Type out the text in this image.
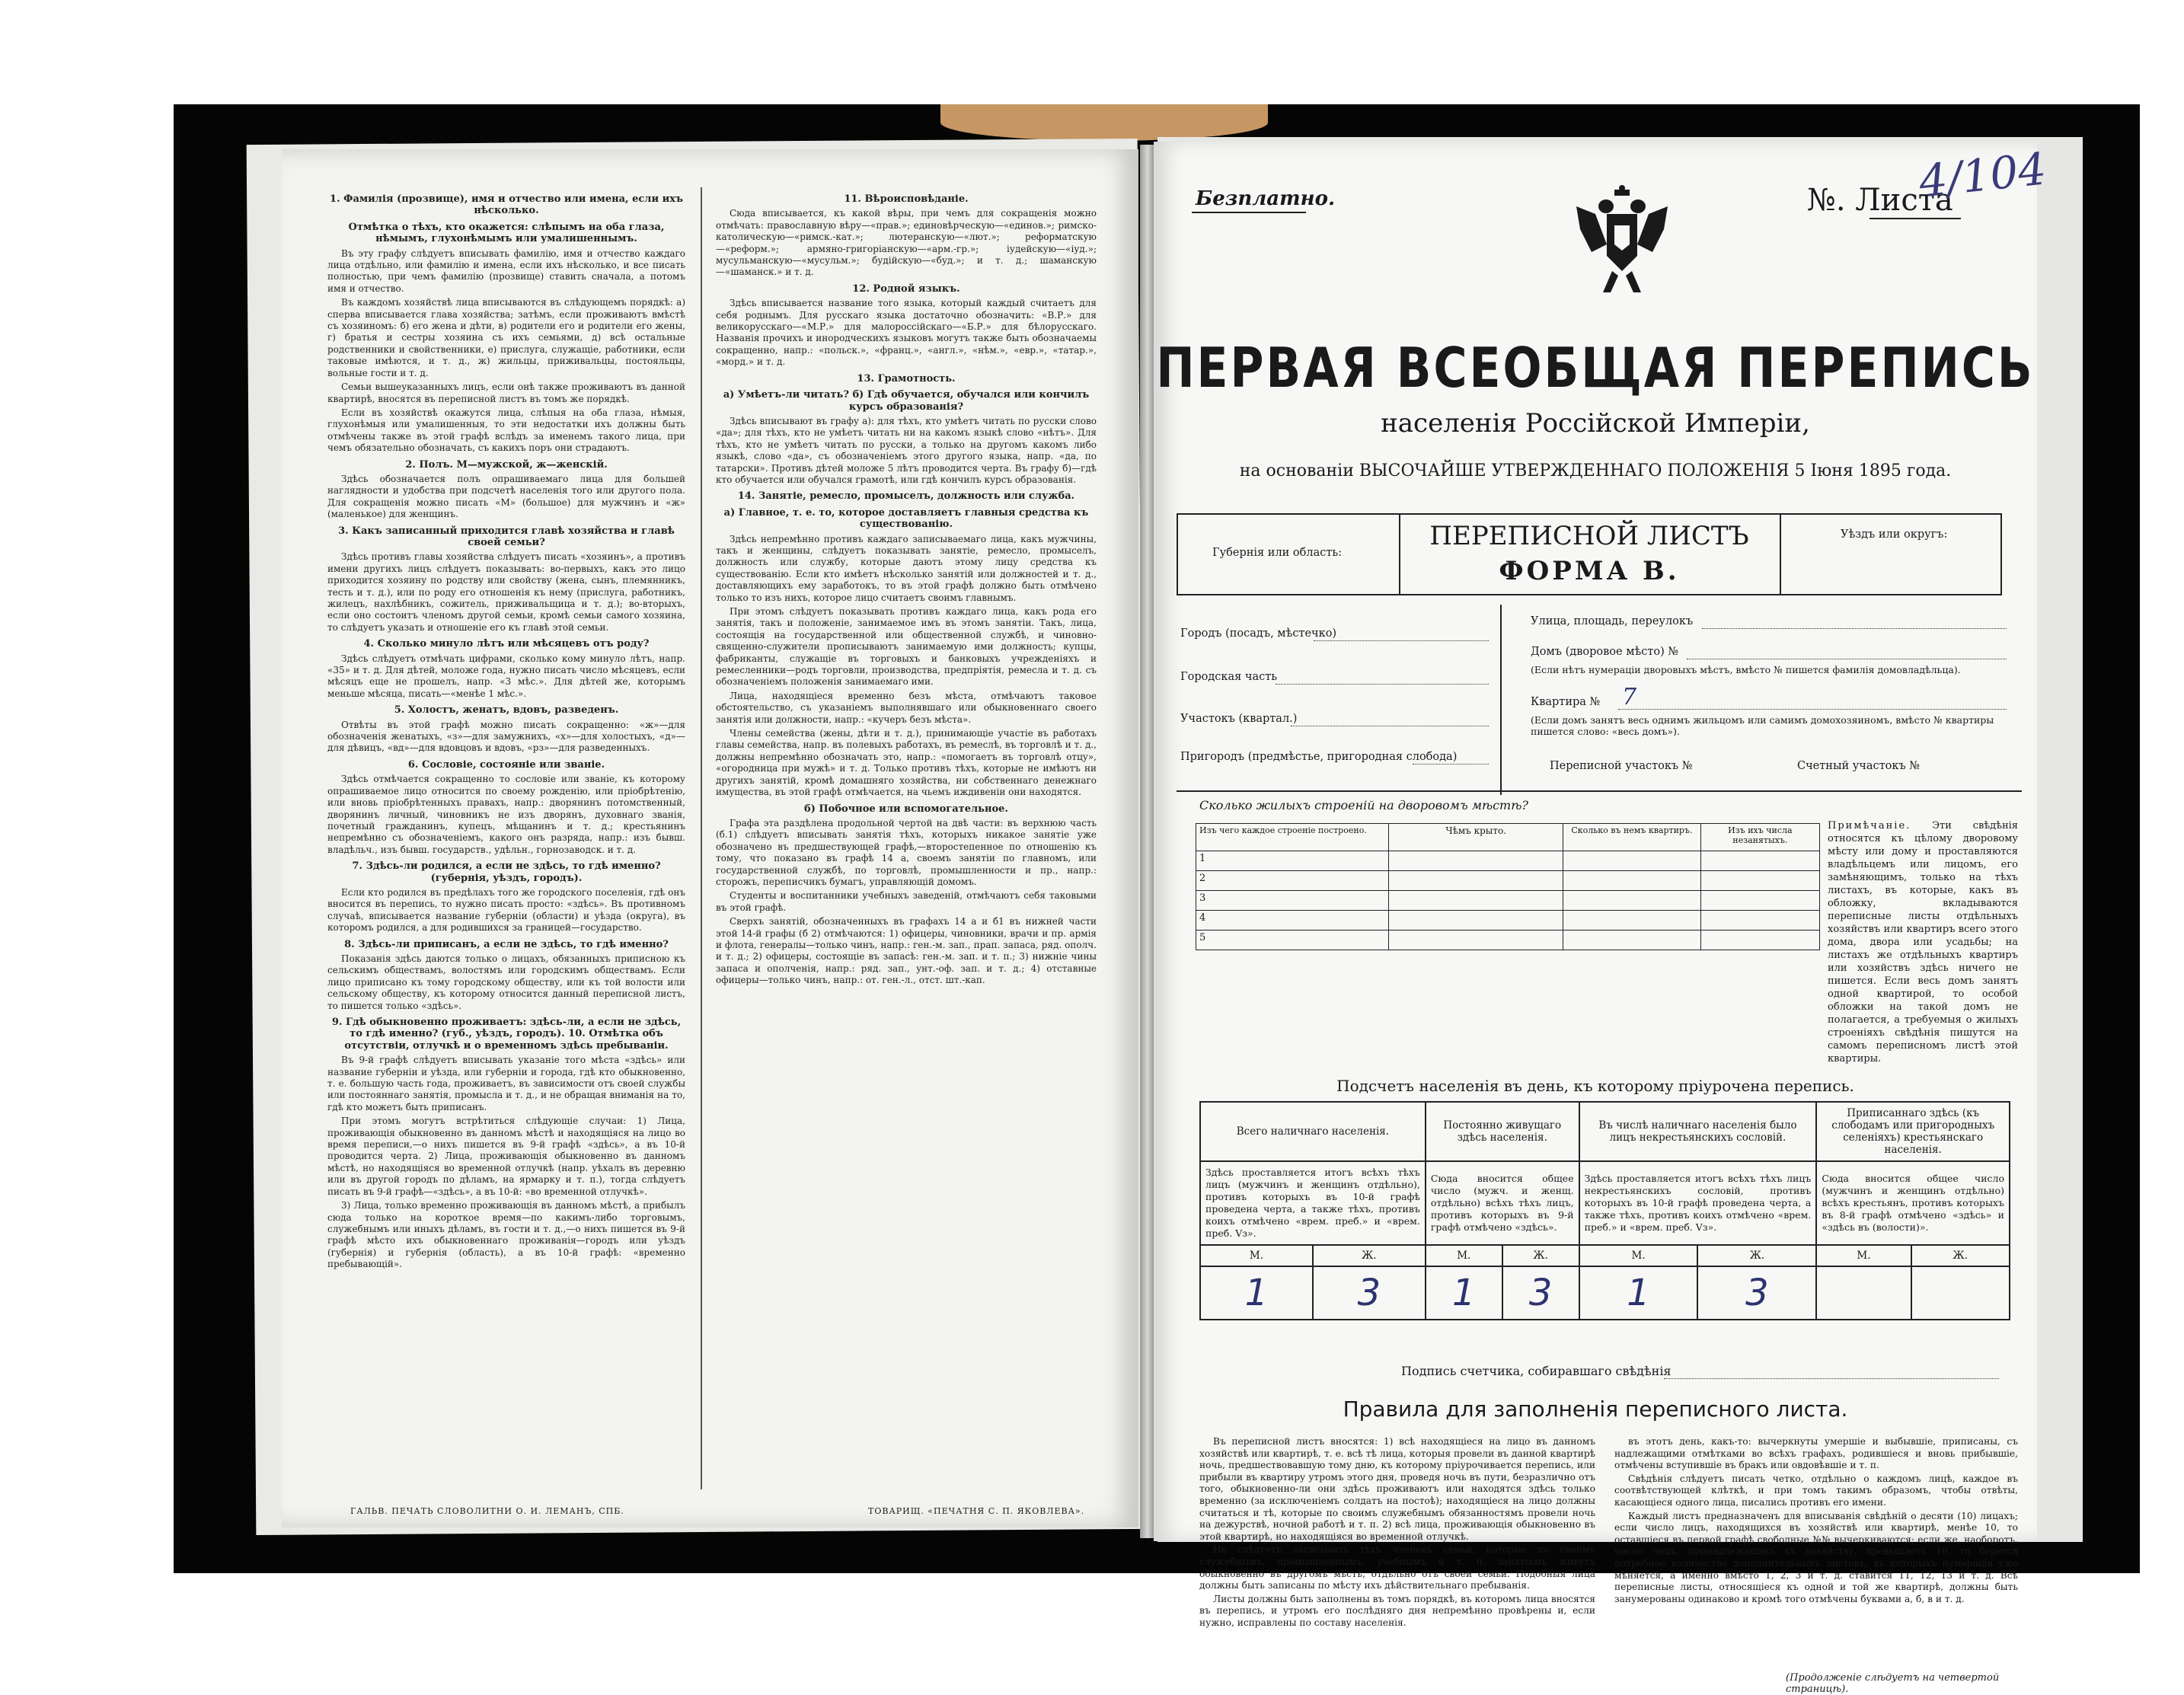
1. Фамилія (прозвище), имя и отчество или имена, если ихъ нѣсколько.
Отмѣтка о тѣхъ, кто окажется: слѣпымъ на оба глаза, нѣмымъ, глухонѣмымъ или умалишеннымъ.

Въ эту графу слѣдуетъ вписывать фамилію, имя и отчество каждаго лица отдѣльно, или фамилію и имена, если ихъ нѣсколько, и все писать полностью, при чемъ фамилію (прозвище) ставить сначала, а потомъ имя и отчество.

Въ каждомъ хозяйствѣ лица вписываются въ слѣдующемъ порядкѣ: а) сперва вписывается глава хозяйства; затѣмъ, если проживаютъ вмѣстѣ съ хозяиномъ: б) его жена и дѣти, в) родители его и родители его жены, г) братья и сестры хозяина съ ихъ семьями, д) всѣ остальные родственники и свойственники, е) прислуга, служащіе, работники, если таковые имѣются, и т. д., ж) жильцы, приживальцы, постояльцы, вольные гости и т. д.

Семьи вышеуказанныхъ лицъ, если онѣ также проживаютъ въ данной квартирѣ, вносятся въ переписной листъ въ томъ же порядкѣ.

Если въ хозяйствѣ окажутся лица, слѣпыя на оба глаза, нѣмыя, глухонѣмыя или умалишенныя, то эти недостатки ихъ должны быть отмѣчены также въ этой графѣ вслѣдъ за именемъ такого лица, при чемъ обязательно обозначать, съ какихъ поръ они страдаютъ.

2. Полъ. М—мужской, ж—женскій.

Здѣсь обозначается полъ опрашиваемаго лица для большей наглядности и удобства при подсчетѣ населенія того или другого пола. Для сокращенія можно писать «М» (большое) для мужчинъ и «ж» (маленькое) для женщинъ.

3. Какъ записанный приходится главѣ хозяйства и главѣ своей семьи?

Здѣсь противъ главы хозяйства слѣдуетъ писать «хозяинъ», а противъ имени другихъ лицъ слѣдуетъ показывать: во-первыхъ, какъ это лицо приходится хозяину по родству или свойству (жена, сынъ, племянникъ, тесть и т. д.), или по роду его отношенія къ нему (прислуга, работникъ, жилецъ, нахлѣбникъ, сожитель, приживальщица и т. д.); во-вторыхъ, если оно состоитъ членомъ другой семьи, кромѣ семьи самого хозяина, то слѣдуетъ указать и отношеніе его къ главѣ этой семьи.

4. Сколько минуло лѣтъ или мѣсяцевъ отъ роду?

Здѣсь слѣдуетъ отмѣчать цифрами, сколько кому минуло лѣтъ, напр. «35» и т. д. Для дѣтей, моложе года, нужно писать число мѣсяцевъ, если мѣсяцъ еще не прошелъ, напр. «3 мѣс.». Для дѣтей же, которымъ меньше мѣсяца, писать—«менѣе 1 мѣс.».

5. Холостъ, женатъ, вдовъ, разведенъ.

Отвѣты въ этой графѣ можно писать сокращенно: «ж»—для обозначенія женатыхъ, «з»—для замужнихъ, «х»—для холостыхъ, «д»—для дѣвицъ, «вд»—для вдовцовъ и вдовъ, «рз»—для разведенныхъ.

6. Сословіе, состояніе или званіе.

Здѣсь отмѣчается сокращенно то сословіе или званіе, къ которому опрашиваемое лицо относится по своему рожденію, или пріобрѣтенію, или вновь пріобрѣтенныхъ правахъ, напр.: дворянинъ потомственный, дворянинъ личный, чиновникъ не изъ дворянъ, духовнаго званія, почетный гражданинъ, купецъ, мѣщанинъ и т. д.; крестьянинъ непремѣнно съ обозначеніемъ, какого онъ разряда, напр.: изъ бывш. владѣльч., изъ бывш. государств., удѣльн., горнозаводск. и т. д.

7. Здѣсь-ли родился, а если не здѣсь, то гдѣ именно? (губернія, уѣздъ, городъ).

Если кто родился въ предѣлахъ того же городского поселенія, гдѣ онъ вносится въ перепись, то нужно писать просто: «здѣсь». Въ противномъ случаѣ, вписывается название губерніи (области) и уѣзда (округа), въ которомъ родился, а для родившихся за границей—государство.

8. Здѣсь-ли приписанъ, а если не здѣсь, то гдѣ именно?

Показанія здѣсь даются только о лицахъ, обязанныхъ приписною къ сельскимъ обществамъ, волостямъ или городскимъ обществамъ. Если лицо приписано къ тому городскому обществу, или къ той волости или сельскому обществу, къ которому относится данный переписной листъ, то пишется только «здѣсь».

9. Гдѣ обыкновенно проживаетъ: здѣсь-ли, а если не здѣсь, то гдѣ именно? (губ., уѣздъ, городъ). 10. Отмѣтка объ отсутствіи, отлучкѣ и о временномъ здѣсь пребываніи.

Въ 9-й графѣ слѣдуетъ вписывать указаніе того мѣста «здѣсь» или название губерніи и уѣзда, или губерніи и города, гдѣ кто обыкновенно, т. е. большую часть года, проживаетъ, въ зависимости отъ своей службы или постояннаго занятія, промысла и т. д., и не обращая вниманія на то, гдѣ кто можетъ быть приписанъ.

При этомъ могутъ встрѣтиться слѣдующіе случаи: 1) Лица, проживающія обыкновенно въ данномъ мѣстѣ и находящіяся на лицо во время переписи,—о нихъ пишется въ 9-й графѣ «здѣсь», а въ 10-й проводится черта. 2) Лица, проживающія обыкновенно въ данномъ мѣстѣ, но находящіяся во временной отлучкѣ (напр. уѣхалъ въ деревню или въ другой городъ по дѣламъ, на ярмарку и т. п.), тогда слѣдуетъ писать въ 9-й графѣ—«здѣсь», а въ 10-й: «во временной отлучкѣ».

3) Лица, только временно проживающія въ данномъ мѣстѣ, а прибылъ сюда только на короткое время—по какимъ-либо торговымъ, служебнымъ или иныхъ дѣламъ, въ гости и т. д.,—о нихъ пишется въ 9-й графѣ мѣсто ихъ обыкновеннаго проживанія—городъ или уѣздъ (губернія) и губернія (область), а въ 10-й графѣ: «временно пребывающій».

11. Вѣроисповѣданіе.

Сюда вписывается, къ какой вѣры, при чемъ для сокращенія можно отмѣчать: православную вѣру—«прав.»; единовѣрческую—«единов.»; римско-католическую—«римск.-кат.»; лютеранскую—«лют.»; реформатскую—«реформ.»; армяно-григоріанскую—«арм.-гр.»; іудейскую—«іуд.»; мусульманскую—«мусульм.»; будійскую—«буд.»; и т. д.; шаманскую—«шаманск.» и т. д.

12. Родной языкъ.

Здѣсь вписывается название того языка, который каждый считаетъ для себя роднымъ. Для русскаго языка достаточно обозначить: «В.Р.» для великорусскаго—«М.Р.» для малороссійскаго—«Б.Р.» для бѣлорусскаго. Названія прочихъ и инородческихъ языковъ могутъ также быть обозначаемы сокращенно, напр.: «польск.», «франц.», «англ.», «нѣм.», «евр.», «татар.», «морд.» и т. д.

13. Грамотность.
а) Умѣетъ-ли читать? б) Гдѣ обучается, обучался или кончилъ курсъ образованія?

Здѣсь вписывают въ графу а): для тѣхъ, кто умѣетъ читать по русски слово «да»; для тѣхъ, кто не умѣетъ читать ни на какомъ языкѣ слово «нѣтъ». Для тѣхъ, кто не умѣетъ читать по русски, а только на другомъ какомъ либо языкѣ, слово «да», съ обозначеніемъ этого другого языка, напр. «да, по татарски». Противъ дѣтей моложе 5 лѣтъ проводится черта. Въ графу б)—гдѣ кто обучается или обучался грамотѣ, или гдѣ кончилъ курсъ образованія.

14. Занятіе, ремесло, промыселъ, должность или служба.
а) Главное, т. е. то, которое доставляетъ главныя средства къ существованію.

Здѣсь непремѣнно противъ каждаго записываемаго лица, какъ мужчины, такъ и женщины, слѣдуетъ показывать занятіе, ремесло, промыселъ, должность или службу, которые даютъ этому лицу средства къ существованію. Если кто имѣетъ нѣсколько занятій или должностей и т. д., доставляющихъ ему заработокъ, то въ этой графѣ должно быть отмѣчено только то изъ нихъ, которое лицо считаетъ своимъ главнымъ.

При этомъ слѣдуетъ показывать противъ каждаго лица, какъ рода его занятія, такъ и положеніе, занимаемое имъ въ этомъ занятіи. Такъ, лица, состоящія на государственной или общественной службѣ, и чиновно-священно-служители прописываютъ занимаемую ими должность; купцы, фабриканты, служащіе въ торговыхъ и банковыхъ учрежденіяхъ и ремесленники—родъ торговли, производства, предпріятія, ремесла и т. д. съ обозначеніемъ положенія занимаемаго ими.

Лица, находящіеся временно безъ мѣста, отмѣчаютъ таковое обстоятельство, съ указаніемъ выполнявшаго или обыкновеннаго своего занятія или должности, напр.: «кучеръ безъ мѣста».

Члены семейства (жены, дѣти и т. д.), принимающіе участіе въ работахъ главы семейства, напр. въ полевыхъ работахъ, въ ремеслѣ, въ торговлѣ и т. д., должны непремѣнно обозначать это, напр.: «помогаетъ въ торговлѣ отцу», «огородница при мужѣ» и т. д. Только противъ тѣхъ, которые не имѣютъ ни другихъ занятій, кромѣ домашняго хозяйства, ни собственнаго денежнаго имущества, въ этой графѣ отмѣчается, на чьемъ иждивеніи они находятся.

б) Побочное или вспомогательное.

Графа эта раздѣлена продольной чертой на двѣ части: въ верхнюю часть (б.1) слѣдуетъ вписывать занятія тѣхъ, которыхъ никакое занятіе уже обозначено въ предшествующей графѣ,—второстепенное по отношенію къ тому, что показано въ графѣ 14 а, своемъ занятіи по главномъ, или государственной службѣ, по торговлѣ, промышленности и пр., напр.: сторожъ, переписчикъ бумагъ, управляющій домомъ.

Студенты и воспитанники учебныхъ заведеній, отмѣчаютъ себя таковыми въ этой графѣ.

Сверхъ занятій, обозначенныхъ въ графахъ 14 а и б1 въ нижней части этой 14-й графы (б 2) отмѣчаются: 1) офицеры, чиновники, врачи и пр. армія и флота, генералы—только чинъ, напр.: ген.-м. зап., прап. запаса, ряд. ополч. и т. д.; 2) офицеры, состоящіе въ запасѣ: ген.-м. зап. и т. п.; 3) нижніе чины запаса и ополченія, напр.: ряд. зап., унт.-оф. зап. и т. д.; 4) отставные офицеры—только чинъ, напр.: от. ген.-л., отст. шт.-кап.

ГАЛЬВ. ПЕЧАТЬ СЛОВОЛИТНИ О. И. ЛЕМАНЪ, СПБ.	ТОВАРИЩ. «ПЕЧАТНЯ С. П. ЯКОВЛЕВА».
Безплатно.	№. Листа
4/104
ПЕРВАЯ ВСЕОБЩАЯ ПЕРЕПИСЬ
населенія Россійской Имперіи,
на основаніи ВЫСОЧАЙШЕ УТВЕРЖДЕННАГО ПОЛОЖЕНІЯ 5 Іюня 1895 года.
Губернія или область:
ПЕРЕПИСНОЙ ЛИСТЪ
ФОРМА В.
Уѣздъ или округъ:
Городъ (посадъ, мѣстечко)
Городская часть
Участокъ (квартал.)
Пригородъ (предмѣстье, пригородная слобода)
Улица, площадь, переулокъ
Домъ (дворовое мѣсто) №
(Если нѣтъ нумераціи дворовыхъ мѣстъ, вмѣсто № пишется фамилія домовладѣльца).
Квартира № 7
(Если домъ занятъ весь однимъ жильцомъ или самимъ домохозяиномъ, вмѣсто № квартиры пишется слово: «весь домъ»).
Переписной участокъ №	Счетный участокъ №
Сколько жилыхъ строеній на дворовомъ мѣстѣ?
Изъ чего каждое строеніе построено.	Чѣмъ крыто.	Сколько въ немъ квартиръ.	Изъ ихъ числа незанятыхъ.
1			
2			
3			
4			
5			
Примѣчаніе. Эти свѣдѣнія относятся къ цѣлому дворовому мѣсту или дому и проставляются владѣльцемъ или лицомъ, его замѣняющимъ, только на тѣхъ листахъ, въ которые, какъ въ обложку, вкладываются переписные листы отдѣльныхъ хозяйствъ или квартиръ всего этого дома, двора или усадьбы; на листахъ же отдѣльныхъ квартиръ или хозяйствъ здѣсь ничего не пишется. Если весь домъ занятъ одной квартирой, то особой обложки на такой домъ не полагается, а требуемыя о жилыхъ строеніяхъ свѣдѣнія пишутся на самомъ переписномъ листѣ этой квартиры.
Подсчетъ населенія въ день, къ которому пріурочена перепись.
Всего наличнаго населенія.		Постоянно живущаго здѣсь населенія.		Въ числѣ наличнаго населенія было лицъ некрестьянскихъ сословій.		Приписаннаго здѣсь (къ слободамъ или пригородныхъ селеніяхъ) крестьянскаго населенія.	
Здѣсь проставляется итогъ всѣхъ тѣхъ лицъ (мужчинъ и женщинъ отдѣльно), противъ которыхъ въ 10-й графѣ проведена черта, а также тѣхъ, противъ коихъ отмѣчено «врем. преб.» и «врем. преб. Vз».		Сюда вносится общее число (мужч. и женщ. отдѣльно) всѣхъ тѣхъ лицъ, противъ которыхъ въ 9-й графѣ отмѣчено «здѣсь».		Здѣсь проставляется итогъ всѣхъ тѣхъ лицъ некрестьянскихъ сословій, противъ которыхъ въ 10-й графѣ проведена черта, а также тѣхъ, противъ коихъ отмѣчено «врем. преб.» и «врем. преб. Vз».		Сюда вносится общее число (мужчинъ и женщинъ отдѣльно) всѣхъ крестьянъ, противъ которыхъ въ 8-й графѣ отмѣчено «здѣсь» и «здѣсь въ (волости)».	
М.	Ж.	М.	Ж.	М.	Ж.	М.	Ж.
1	3	1	3	1	3		
Подпись счетчика, собиравшаго свѣдѣнія
Правила для заполненія переписного листа.

Въ переписной листъ вносятся: 1) всѣ находящіеся на лицо въ данномъ хозяйствѣ или квартирѣ, т. е. всѣ тѣ лица, которыя провели въ данной квартирѣ ночь, предшествовавшую тому дню, къ которому пріурочивается перепись, или прибыли въ квартиру утромъ этого дня, проведя ночь въ пути, безразлично отъ того, обыкновенно-ли они здѣсь проживаютъ или находятся здѣсь только временно (за исключеніемъ солдатъ на постоѣ); находящіеся на лицо должны считаться и тѣ, которые по своимъ служебнымъ обязанностямъ провели ночь на дежурствѣ, ночной работѣ и т. п. 2) всѣ лица, проживающія обыкновенно въ этой квартирѣ, но находящіяся во временной отлучкѣ.

Не слѣдуетъ записывать тѣхъ членовъ семьи, которые по своимъ служебнымъ, промышленнымъ, учебнымъ и т. п. занятіямъ живутъ обыкновенно въ другомъ мѣстѣ, отдѣльно отъ своей семьи. Подобныя лица должны быть записаны по мѣсту ихъ дѣйствительнаго пребыванія.

Листы должны быть заполнены въ томъ порядкѣ, въ которомъ лица вносятся въ перепись, и утромъ его послѣдняго дня непремѣнно провѣрены и, если нужно, исправлены по составу населенія.

въ этотъ день, какъ-то: вычеркнуты умершіе и выбывшіе, приписаны, съ надлежащими отмѣтками во всѣхъ графахъ, родившіеся и вновь прибывшіе, отмѣчены вступившіе въ бракъ или овдовѣвшіе и т. п.

Свѣдѣнія слѣдуетъ писать четко, отдѣльно о каждомъ лицѣ, каждое въ соотвѣтствующей клѣткѣ, и при томъ такимъ образомъ, чтобы отвѣты, касающіеся одного лица, писались противъ его имени.

Каждый листъ предназначенъ для вписыванія свѣдѣній о десяти (10) лицахъ; если число лицъ, находящихся въ хозяйствѣ или квартирѣ, менѣе 10, то оставшіеся въ первой графѣ свободные №№ вычеркиваются; если же, наоборотъ, число лицъ, принадлежащихъ къ хозяйству, превышаетъ 10, то берется потребное количество дополнительныхъ листовъ, въ которыхъ нумерація уже мѣняется, а именно вмѣсто 1, 2, 3 и т. д. ставится 11, 12, 13 и т. д. Всѣ переписные листы, относящіеся къ одной и той же квартирѣ, должны быть занумерованы одинаково и кромѣ того отмѣчены буквами а, б, в и т. д.

(Продолженіе слѣдуетъ на четвертой страницѣ).
